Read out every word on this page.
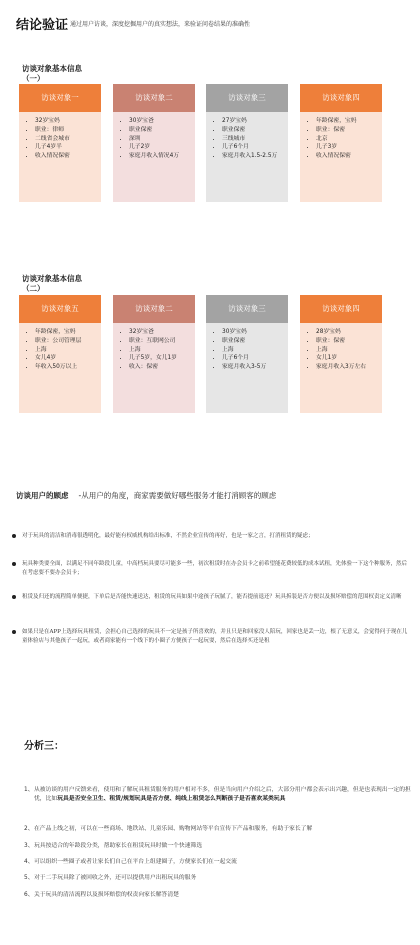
结论验证 通过用户访谈，深度挖掘用户的真实想法，来验证问卷结果的准确性
访谈对象基本信息
（一）
访谈对象一
• 32岁宝妈
• 职业：律师
• 二线省会城市
• 儿子4岁半
• 收入情况保密
访谈对象二
• 30岁宝爸
• 职业保密
• 深圳
• 儿子2岁
• 家庭月收入情况4万
访谈对象三
• 27岁宝妈
• 职业保密
• 三线城市
• 儿子6个月
• 家庭月收入1.5-2.5万
访谈对象四
• 年龄保密，宝妈
• 职业：保密
• 北京
• 儿子3岁
• 收入情况保密
访谈对象基本信息
（二）
访谈对象五
• 年龄保密，宝妈
• 职业：公司管理层
• 上海
• 女儿4岁
• 年收入50万以上
访谈对象二
• 32岁宝爸
• 职业：互联网公司
• 上海
• 儿子5岁，女儿1岁
• 收入：保密
访谈对象三
• 30岁宝妈
• 职业保密
• 上海
• 儿子6个月
• 家庭月收入3-5万
访谈对象四
• 28岁宝妈
• 职业：保密
• 上海
• 女儿1岁
• 家庭月收入3万左右
访谈用户的顾虑 -从用户的角度，商家需要做好哪些服务才能打消顾客的顾虑
对于玩具的清洁和消毒很透明化，最好能有权威机构给出标准，不然企业宣传的再好，也是一家之言，打消租赁的疑虑；
玩具种类要全面，以满足不同年龄段儿童，中高档玩具要尽可能多一些，初次租赁时在办会员卡之前希望能花费较低的成本试租，先体验一下这个种服务，然后在考虑要不要办会员卡；
租赁及归还的流程简单便捷，下单后是否能快速送达，租赁的玩具如果中途孩子玩腻了，能否提前退还？玩具拆装是否方便以及损坏赔偿的范围权责定义清晰
如果只是在APP上选择玩具租赁，会担心自己选择的玩具不一定是孩子所喜欢的，并且只是和回家没人陪玩，回家也是丢一边，根了无意义，会觉得问于现在儿童体验店与其他孩子一起玩，或者商家能有一个线下的小圈子方便孩子一起玩耍，然后在选择买还是租
分析三：
1、 从被访谈的用户反馈来看，使用和了解玩具租赁服务的用户相对不多，但是当向用户介绍之后，大部分用户都会表示出兴趣，但是也表现出一定的担忧，比如玩具是否安全卫生、租赁/规划玩具是否方便、纯线上租赁怎么判断孩子是否喜欢某类玩具
2、 在产品上线之初，可以在一些商场、地铁站、儿童乐园、购物网站等平台宣传下产品和服务，有助于家长了解
3、 玩具按适合的年龄段分类，帮助家长在租赁玩具时做一个快速筛选
4、 可以组织一些圈子或者让家长们自己在平台上组建圈子，方便家长们在一起交流
5、 对于二手玩具除了被回收之外，还可以提供用户出租玩具的服务
6、 关于玩具的清洁流程以及损坏赔偿的权责向家长解答清楚
